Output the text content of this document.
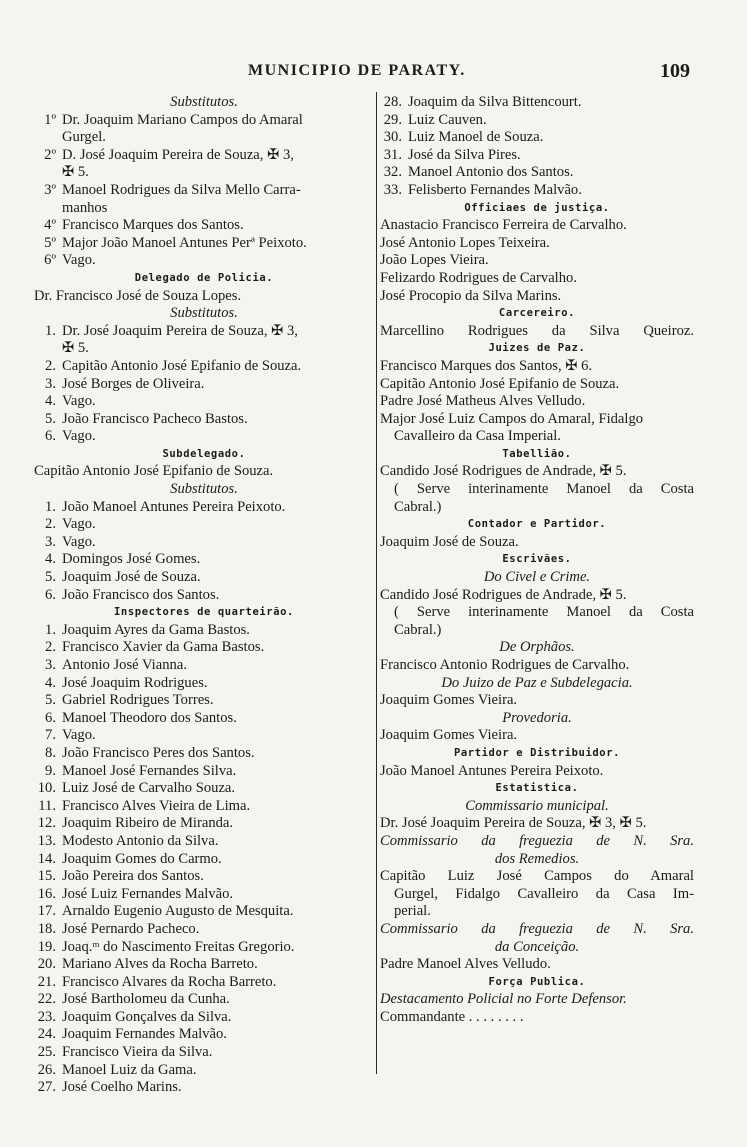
MUNICIPIO DE PARATY.	109
Substitutos.
1º Dr. Joaquim Mariano Campos do Amaral
Gurgel.
2º D. José Joaquim Pereira de Souza, ✠ 3,
✠ 5.
3º Manoel Rodrigues da Silva Mello Carra-
manhos
4º Francisco Marques dos Santos.
5º Major João Manoel Antunes Perª Peixoto.
6º Vago.
Delegado de Policia.
Dr. Francisco José de Souza Lopes.
Substitutos.
1. Dr. José Joaquim Pereira de Souza, ✠ 3,
✠ 5.
2. Capitão Antonio José Epifanio de Souza.
3. José Borges de Oliveira.
4. Vago.
5. João Francisco Pacheco Bastos.
6. Vago.
Subdelegado.
Capitão Antonio José Epifanio de Souza.
Substitutos.
1. João Manoel Antunes Pereira Peixoto.
2. Vago.
3. Vago.
4. Domingos José Gomes.
5. Joaquim José de Souza.
6. João Francisco dos Santos.
Inspectores de quarteirão.
1. Joaquim Ayres da Gama Bastos.
2. Francisco Xavier da Gama Bastos.
3. Antonio José Vianna.
4. José Joaquim Rodrigues.
5. Gabriel Rodrigues Torres.
6. Manoel Theodoro dos Santos.
7. Vago.
8. João Francisco Peres dos Santos.
9. Manoel José Fernandes Silva.
10. Luiz José de Carvalho Souza.
11. Francisco Alves Vieira de Lima.
12. Joaquim Ribeiro de Miranda.
13. Modesto Antonio da Silva.
14. Joaquim Gomes do Carmo.
15. João Pereira dos Santos.
16. José Luiz Fernandes Malvão.
17. Arnaldo Eugenio Augusto de Mesquita.
18. José Pernardo Pacheco.
19. Joaq.ᵐ do Nascimento Freitas Gregorio.
20. Mariano Alves da Rocha Barreto.
21. Francisco Alvares da Rocha Barreto.
22. José Bartholomeu da Cunha.
23. Joaquim Gonçalves da Silva.
24. Joaquim Fernandes Malvão.
25. Francisco Vieira da Silva.
26. Manoel Luiz da Gama.
27. José Coelho Marins.
28. Joaquim da Silva Bittencourt.
29. Luiz Cauven.
30. Luiz Manoel de Souza.
31. José da Silva Pires.
32. Manoel Antonio dos Santos.
33. Felisberto Fernandes Malvão.
Officiaes de justiça.
Anastacio Francisco Ferreira de Carvalho.
José Antonio Lopes Teixeira.
João Lopes Vieira.
Felizardo Rodrigues de Carvalho.
José Procopio da Silva Marins.
Carcereiro.
Marcellino Rodrigues da Silva Queiroz.
Juizes de Paz.
Francisco Marques dos Santos, ✠ 6.
Capitão Antonio José Epifanio de Souza.
Padre José Matheus Alves Velludo.
Major José Luiz Campos do Amaral, Fidalgo
Cavalleiro da Casa Imperial.
Tabellião.
Candido José Rodrigues de Andrade, ✠ 5.
( Serve interinamente Manoel da Costa
Cabral.)
Contador e Partidor.
Joaquim José de Souza.
Escrivães.
Do Civel e Crime.
Candido José Rodrigues de Andrade, ✠ 5.
( Serve interinamente Manoel da Costa
Cabral.)
De Orphãos.
Francisco Antonio Rodrigues de Carvalho.
Do Juizo de Paz e Subdelegacia.
Joaquim Gomes Vieira.
Provedoria.
Joaquim Gomes Vieira.
Partidor e Distribuidor.
João Manoel Antunes Pereira Peixoto.
Estatistica.
Commissario municipal.
Dr. José Joaquim Pereira de Souza, ✠ 3, ✠ 5.
Commissario da freguezia de N. Sra.
dos Remedios.
Capitão Luiz José Campos do Amaral
Gurgel, Fidalgo Cavalleiro da Casa Im-
perial.
Commissario da freguezia de N. Sra.
da Conceição.
Padre Manoel Alves Velludo.
Força Publica.
Destacamento Policial no Forte Defensor.
Commandante . . . . . . . .
